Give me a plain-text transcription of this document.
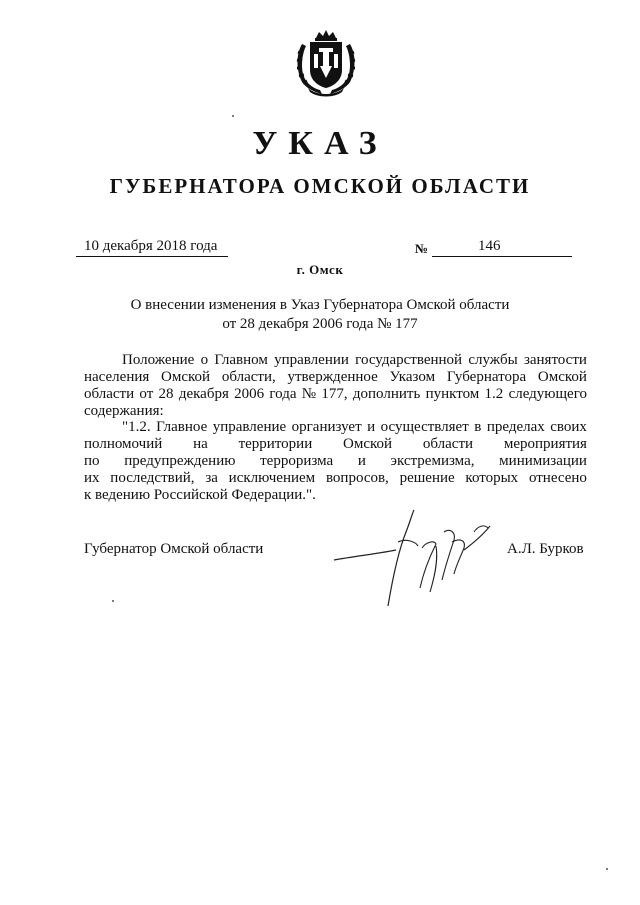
УКАЗ
ГУБЕРНАТОРА ОМСКОЙ ОБЛАСТИ
10 декабря 2018 года	№	146
г. Омск
О внесении изменения в Указ Губернатора Омской области
от 28 декабря 2006 года № 177
Положение о Главном управлении государственной службы занятости
населения Омской области, утвержденное Указом Губернатора Омской
области от 28 декабря 2006 года № 177, дополнить пунктом 1.2 следующего
содержания:
"1.2. Главное управление организует и осуществляет в пределах своих
полномочий на территории Омской области мероприятия
по предупреждению терроризма и экстремизма, минимизации
их последствий, за исключением вопросов, решение которых отнесено
к ведению Российской Федерации.".
Губернатор Омской области	А.Л. Бурков
